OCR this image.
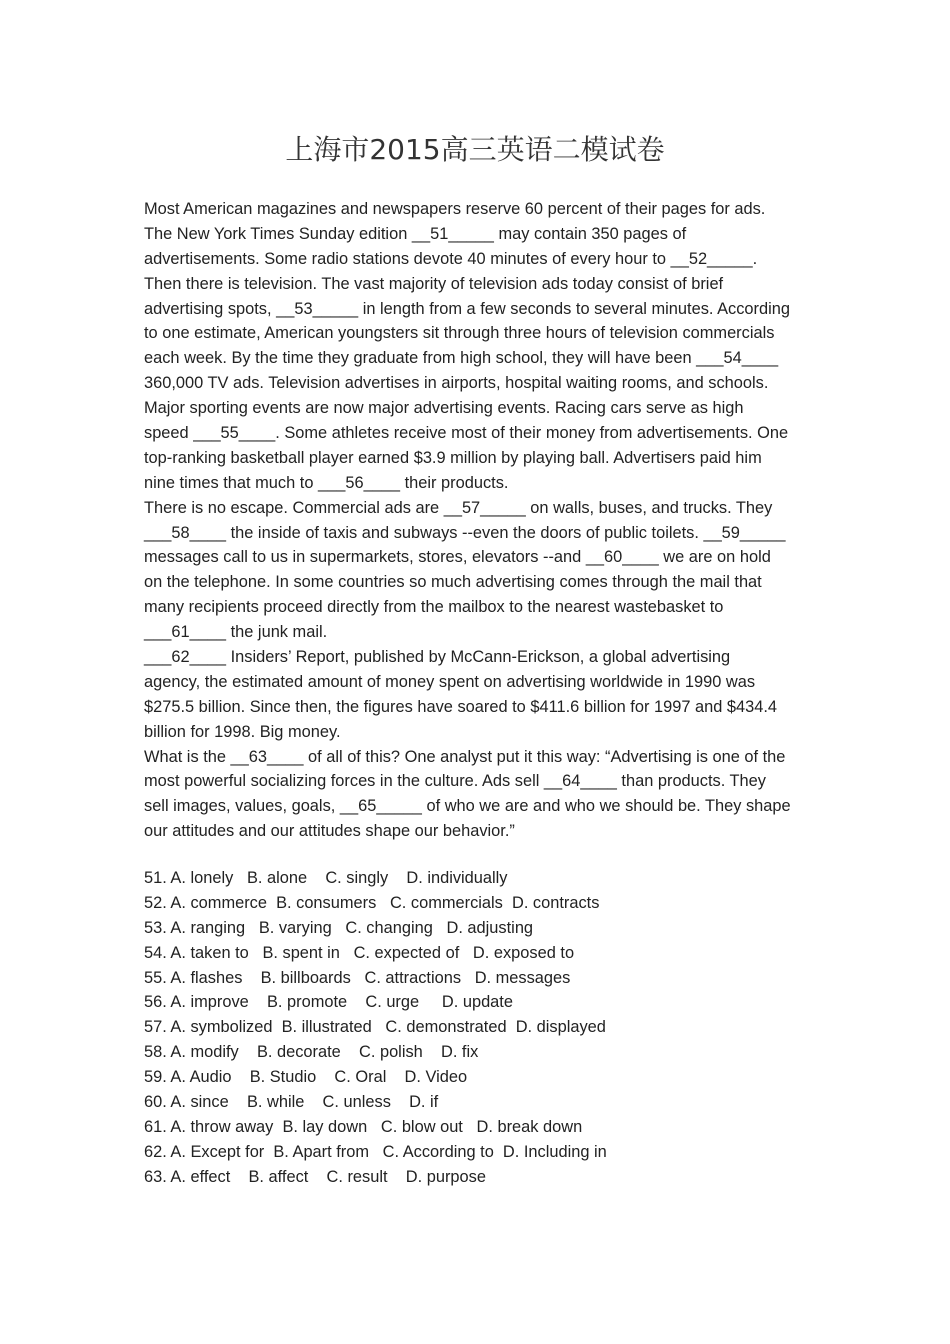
上海市2015高三英语二模试卷
Most American magazines and newspapers reserve 60 percent of their pages for ads.
The New York Times Sunday edition __51_____ may contain 350 pages of
advertisements. Some radio stations devote 40 minutes of every hour to __52_____.
Then there is television. The vast majority of television ads today consist of brief
advertising spots, __53_____ in length from a few seconds to several minutes. According
to one estimate, American youngsters sit through three hours of television commercials
each week. By the time they graduate from high school, they will have been ___54____
360,000 TV ads. Television advertises in airports, hospital waiting rooms, and schools.
Major sporting events are now major advertising events. Racing cars serve as high
speed ___55____. Some athletes receive most of their money from advertisements. One
top-ranking basketball player earned $3.9 million by playing ball. Advertisers paid him
nine times that much to ___56____ their products.
There is no escape. Commercial ads are __57_____ on walls, buses, and trucks. They
___58____ the inside of taxis and subways --even the doors of public toilets. __59_____
messages call to us in supermarkets, stores, elevators --and __60____ we are on hold
on the telephone. In some countries so much advertising comes through the mail that
many recipients proceed directly from the mailbox to the nearest wastebasket to
___61____ the junk mail.
___62____ Insiders’ Report, published by McCann-Erickson, a global advertising
agency, the estimated amount of money spent on advertising worldwide in 1990 was
$275.5 billion. Since then, the figures have soared to $411.6 billion for 1997 and $434.4
billion for 1998. Big money.
What is the __63____ of all of this? One analyst put it this way: “Advertising is one of the
most powerful socializing forces in the culture. Ads sell __64____ than products. They
sell images, values, goals, __65_____ of who we are and who we should be. They shape
our attitudes and our attitudes shape our behavior.”
51. A. lonely   B. alone    C. singly    D. individually
52. A. commerce  B. consumers   C. commercials  D. contracts
53. A. ranging   B. varying   C. changing   D. adjusting
54. A. taken to   B. spent in   C. expected of   D. exposed to
55. A. flashes    B. billboards   C. attractions   D. messages
56. A. improve    B. promote    C. urge     D. update
57. A. symbolized  B. illustrated   C. demonstrated  D. displayed
58. A. modify    B. decorate    C. polish    D. fix
59. A. Audio    B. Studio    C. Oral    D. Video
60. A. since    B. while    C. unless    D. if
61. A. throw away  B. lay down   C. blow out   D. break down
62. A. Except for  B. Apart from   C. According to  D. Including in
63. A. effect    B. affect    C. result    D. purpose
